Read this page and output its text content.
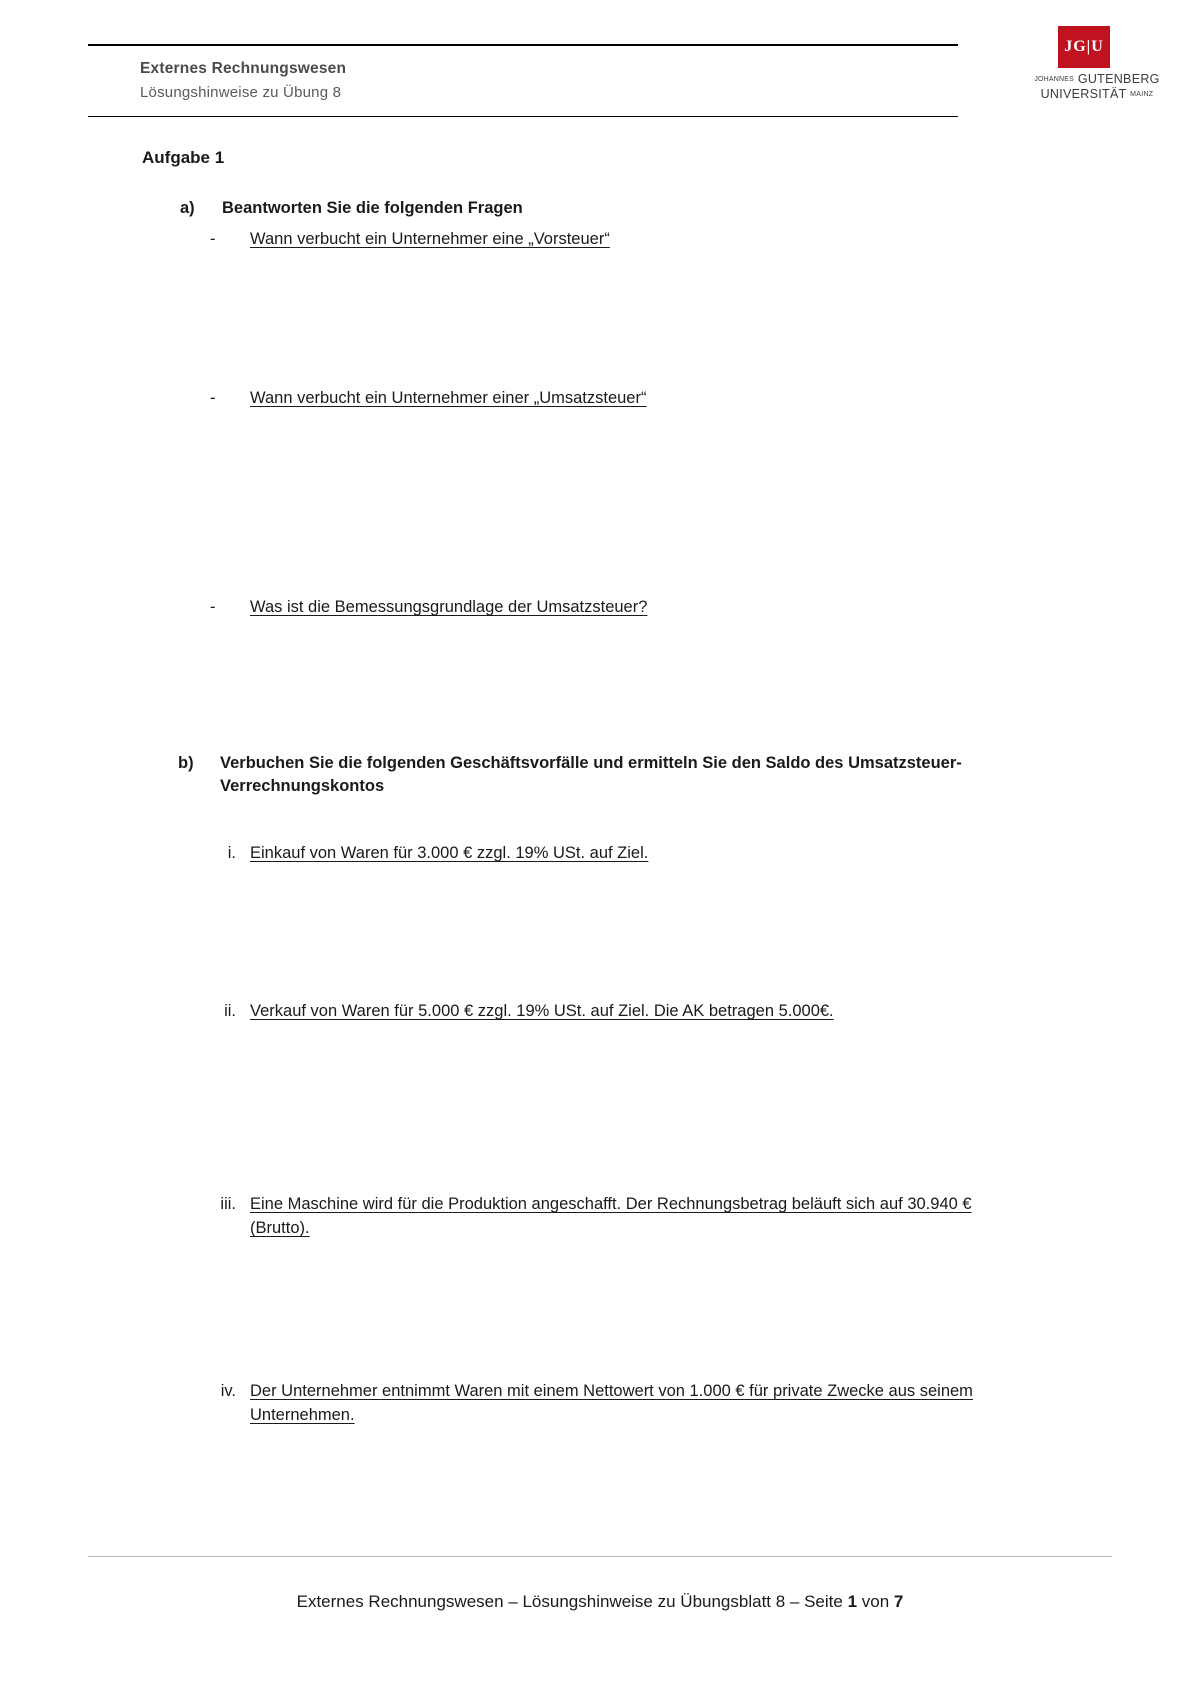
Externes Rechnungswesen
Lösungshinweise zu Übung 8
JG|U
JOHANNES GUTENBERG
UNIVERSITÄT MAINZ
Aufgabe 1
a) Beantworten Sie die folgenden Fragen
- Wann verbucht ein Unternehmer eine „Vorsteuer“
- Wann verbucht ein Unternehmer einer „Umsatzsteuer“
- Was ist die Bemessungsgrundlage der Umsatzsteuer?
b) Verbuchen Sie die folgenden Geschäftsvorfälle und ermitteln Sie den Saldo des Umsatzsteuer-Verrechnungskontos
i. Einkauf von Waren für 3.000 € zzgl. 19% USt. auf Ziel.
ii. Verkauf von Waren für 5.000 € zzgl. 19% USt. auf Ziel. Die AK betragen 5.000€.
iii. Eine Maschine wird für die Produktion angeschafft. Der Rechnungsbetrag beläuft sich auf 30.940 € (Brutto).
iv. Der Unternehmer entnimmt Waren mit einem Nettowert von 1.000 € für private Zwecke aus seinem Unternehmen.
Externes Rechnungswesen – Lösungshinweise zu Übungsblatt 8 – Seite 1 von 7
